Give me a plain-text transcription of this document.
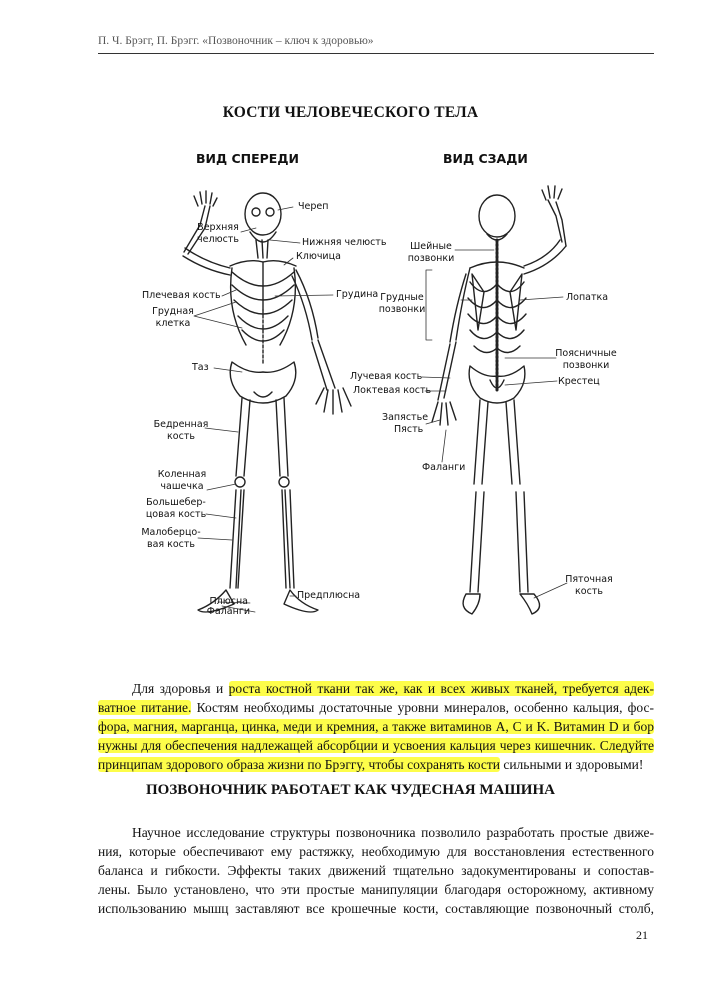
П. Ч. Брэгг, П. Брэгг. «Позвоночник – ключ к здоровью»
КОСТИ ЧЕЛОВЕЧЕСКОГО ТЕЛА
ВИД СПЕРЕДИ	ВИД СЗАДИ
Череп
Верхняя
челюсть	Нижняя челюсть
Ключица
Плечевая кость	Грудина
Грудная
клетка
Таз
Бедренная
кость
Коленная
чашечка
Большебер-
цовая кость
Малоберцо-
вая кость
Плюсна
Фаланги
Предплюсна
Шейные
позвонки
Грудные
позвонки
Лопатка
Поясничные
позвонки
Крестец
Лучевая кость
Локтевая кость
Запястье
Пясть
Фаланги
Пяточная
кость
Для здоровья и роста костной ткани так же, как и всех живых тканей, требуется адек-
ватное питание. Костям необходимы достаточные уровни минералов, особенно кальция, фос-
фора, магния, марганца, цинка, меди и кремния, а также витаминов A, C и K. Витамин D и бор
нужны для обеспечения надлежащей абсорбции и усвоения кальция через кишечник. Следуйте
принципам здорового образа жизни по Брэггу, чтобы сохранять кости сильными и здоровыми!
ПОЗВОНОЧНИК РАБОТАЕТ КАК ЧУДЕСНАЯ МАШИНА
Научное исследование структуры позвоночника позволило разработать простые движе-
ния, которые обеспечивают ему растяжку, необходимую для восстановления естественного
баланса и гибкости. Эффекты таких движений тщательно задокументированы и сопостав-
лены. Было установлено, что эти простые манипуляции благодаря осторожному, активному
использованию мышц заставляют все крошечные кости, составляющие позвоночный столб,
21
